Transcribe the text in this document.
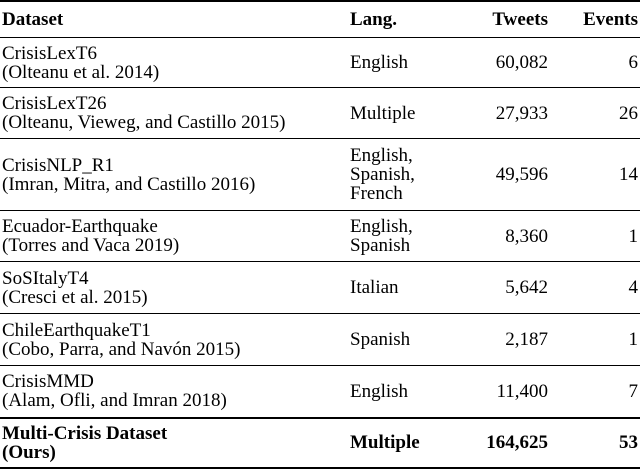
Dataset	Lang.	Tweets	Events

CrisisLexT6
(Olteanu et al. 2014)	English	60,082	6

CrisisLexT26
(Olteanu, Vieweg, and Castillo 2015)	Multiple	27,933	26

CrisisNLP_R1
(Imran, Mitra, and Castillo 2016)	English,
Spanish,
French	49,596	14

Ecuador-Earthquake
(Torres and Vaca 2019)	English,
Spanish	8,360	1

SoSItalyT4
(Cresci et al. 2015)	Italian	5,642	4

ChileEarthquakeT1
(Cobo, Parra, and Navón 2015)	Spanish	2,187	1

CrisisMMD
(Alam, Ofli, and Imran 2018)	English	11,400	7

Multi-Crisis Dataset
(Ours)	Multiple	164,625	53
